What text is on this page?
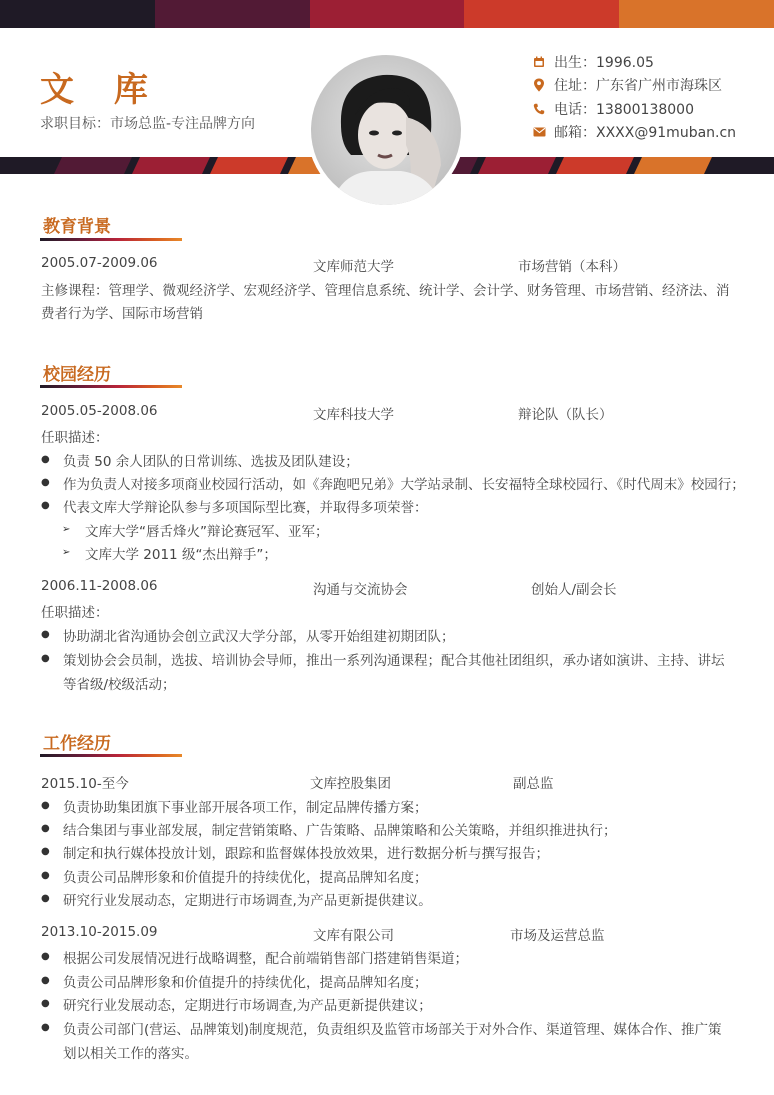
文 库
求职目标：市场总监-专注品牌方向
出生：1996.05
住址：广东省广州市海珠区
电话：13800138000
邮箱：XXXX@91muban.cn
教育背景
2005.07-2009.06	文库师范大学	市场营销（本科）
主修课程：管理学、微观经济学、宏观经济学、管理信息系统、统计学、会计学、财务管理、市场营销、经济法、消
费者行为学、国际市场营销
校园经历
2005.05-2008.06	文库科技大学	辩论队（队长）
任职描述：
● 负责 50 余人团队的日常训练、选拔及团队建设；
● 作为负责人对接多项商业校园行活动，如《奔跑吧兄弟》大学站录制、长安福特全球校园行、《时代周末》校园行；
● 代表文库大学辩论队参与多项国际型比赛，并取得多项荣誉：
➢ 文库大学“唇舌烽火”辩论赛冠军、亚军；
➢ 文库大学 2011 级“杰出辩手”；
2006.11-2008.06	沟通与交流协会	创始人/副会长
任职描述：
● 协助湖北省沟通协会创立武汉大学分部，从零开始组建初期团队；
● 策划协会会员制，选拔、培训协会导师，推出一系列沟通课程；配合其他社团组织，承办诸如演讲、主持、讲坛
等省级/校级活动；
工作经历
2015.10-至今	文库控股集团	副总监
● 负责协助集团旗下事业部开展各项工作，制定品牌传播方案；
● 结合集团与事业部发展，制定营销策略、广告策略、品牌策略和公关策略，并组织推进执行；
● 制定和执行媒体投放计划，跟踪和监督媒体投放效果，进行数据分析与撰写报告；
● 负责公司品牌形象和价值提升的持续优化，提高品牌知名度；
● 研究行业发展动态，定期进行市场调查,为产品更新提供建议。
2013.10-2015.09	文库有限公司	市场及运营总监
● 根据公司发展情况进行战略调整，配合前端销售部门搭建销售渠道；
● 负责公司品牌形象和价值提升的持续优化，提高品牌知名度；
● 研究行业发展动态，定期进行市场调查,为产品更新提供建议；
● 负责公司部门(营运、品牌策划)制度规范，负责组织及监管市场部关于对外合作、渠道管理、媒体合作、推广策
划以相关工作的落实。
